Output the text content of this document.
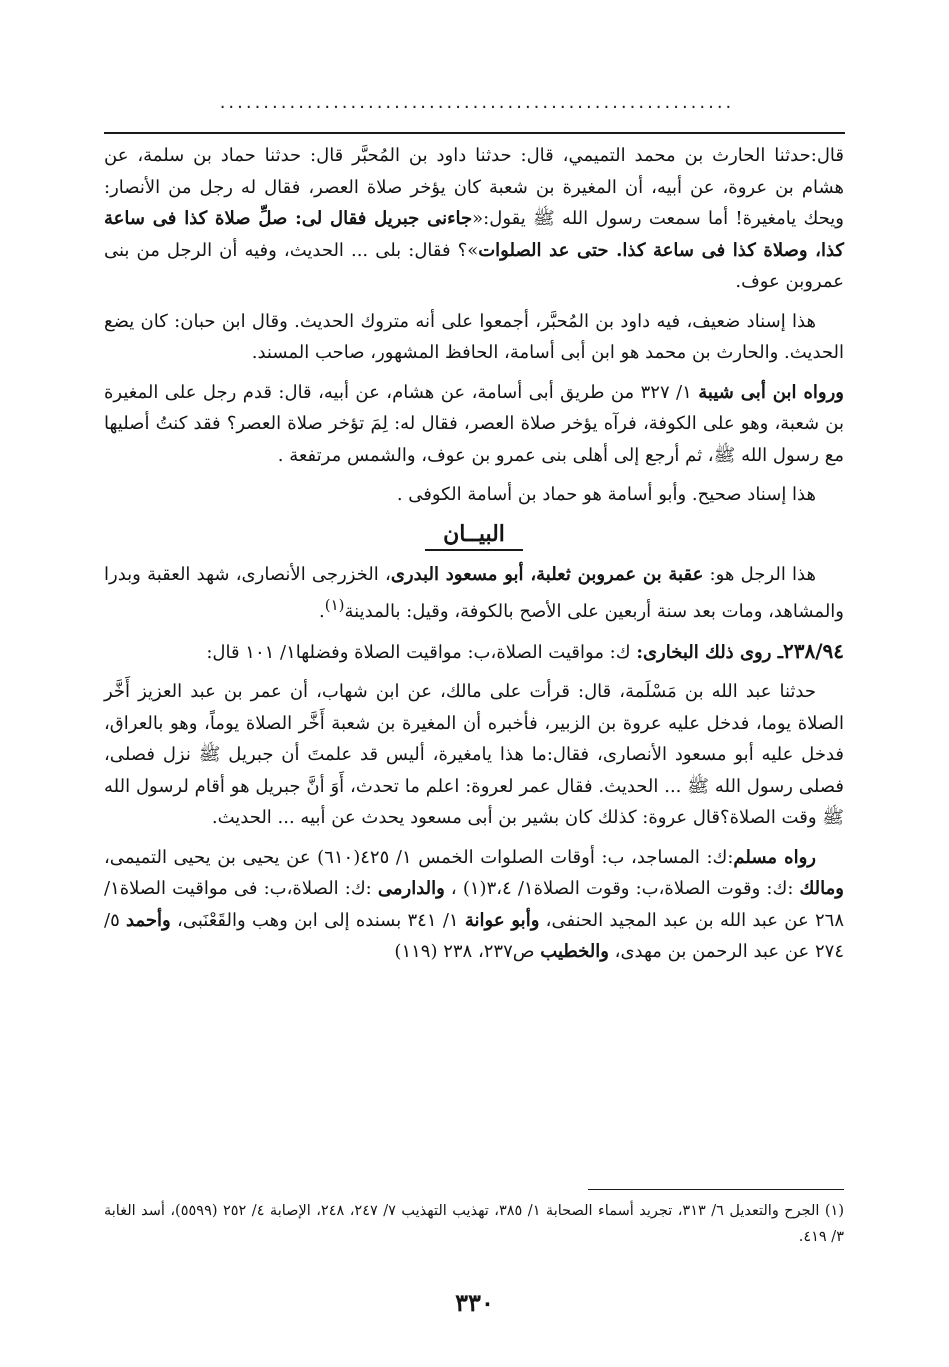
...........................................................

قال:حدثنا الحارث بن محمد التميمي، قال: حدثنا داود بن المُحبَّر قال: حدثنا حماد بن سلمة، عن هشام بن عروة، عن أبيه، أن المغيرة بن شعبة كان يؤخر صلاة العصر، فقال له رجل من الأنصار: ويحك يامغيرة! أما سمعت رسول الله ﷺ يقول:«جاءنى جبريل فقال لى: صلِّ صلاة كذا فى ساعة كذا، وصلاة كذا فى ساعة كذا. حتى عد الصلوات»؟ فقال: بلى ... الحديث، وفيه أن الرجل من بنى عمروبن عوف.

هذا إسناد ضعيف، فيه داود بن المُحبَّر، أجمعوا على أنه متروك الحديث. وقال ابن حبان: كان يضع الحديث. والحارث بن محمد هو ابن أبى أسامة، الحافظ المشهور، صاحب المسند.

ورواه ابن أبى شيبة ١/ ٣٢٧ من طريق أبى أسامة، عن هشام، عن أبيه، قال: قدم رجل على المغيرة بن شعبة، وهو على الكوفة، فرآه يؤخر صلاة العصر، فقال له: لِمَ تؤخر صلاة العصر؟ فقد كنتُ أصليها مع رسول الله ﷺ، ثم أرجع إلى أهلى بنى عمرو بن عوف، والشمس مرتفعة .

هذا إسناد صحيح. وأبو أسامة هو حماد بن أسامة الكوفى .

البيــان

هذا الرجل هو: عقبة بن عمروبن ثعلبة، أبو مسعود البدرى، الخزرجى الأنصارى، شهد العقبة وبدرا والمشاهد، ومات بعد سنة أربعين على الأصح بالكوفة، وقيل: بالمدينة$^{(١)}$.

٢٣٨/٩٤ـ روى ذلك البخارى: ك: مواقيت الصلاة،ب: مواقيت الصلاة وفضلها١/ ١٠١ قال:

حدثنا عبد الله بن مَسْلَمة، قال: قرأت على مالك، عن ابن شهاب، أن عمر بن عبد العزيز أَخَّر الصلاة يوما، فدخل عليه عروة بن الزبير، فأخبره أن المغيرة بن شعبة أَخَّر الصلاة يوماً، وهو بالعراق، فدخل عليه أبو مسعود الأنصارى، فقال:ما هذا يامغيرة، أليس قد علمتَ أن جبريل ﷺ نزل فصلى، فصلى رسول الله ﷺ ... الحديث. فقال عمر لعروة: اعلم ما تحدث، أَوَ أنَّ جبريل هو أقام لرسول الله ﷺ وقت الصلاة؟قال عروة: كذلك كان بشير بن أبى مسعود يحدث عن أبيه ... الحديث.

رواه مسلم:ك: المساجد، ب: أوقات الصلوات الخمس ١/ ٤٢٥(٦١٠) عن يحيى بن يحيى التميمى، ومالك :ك: وقوت الصلاة،ب: وقوت الصلاة١/ ٣،٤(١) ، والدارمى :ك: الصلاة،ب: فى مواقيت الصلاة١/ ٢٦٨ عن عبد الله بن عبد المجيد الحنفى، وأبو عوانة ١/ ٣٤١ بسنده إلى ابن وهب والقَعْنَبى، وأحمد ٥/ ٢٧٤ عن عبد الرحمن بن مهدى، والخطيب ص٢٣٧، ٢٣٨ (١١٩)

(١) الجرح والتعديل ٦/ ٣١٣، تجريد أسماء الصحابة ١/ ٣٨٥، تهذيب التهذيب ٧/ ٢٤٧، ٢٤٨، الإصابة ٤/ ٢٥٢ (٥٥٩٩)، أسد الغابة ٣/ ٤١٩.

٣٣٠
